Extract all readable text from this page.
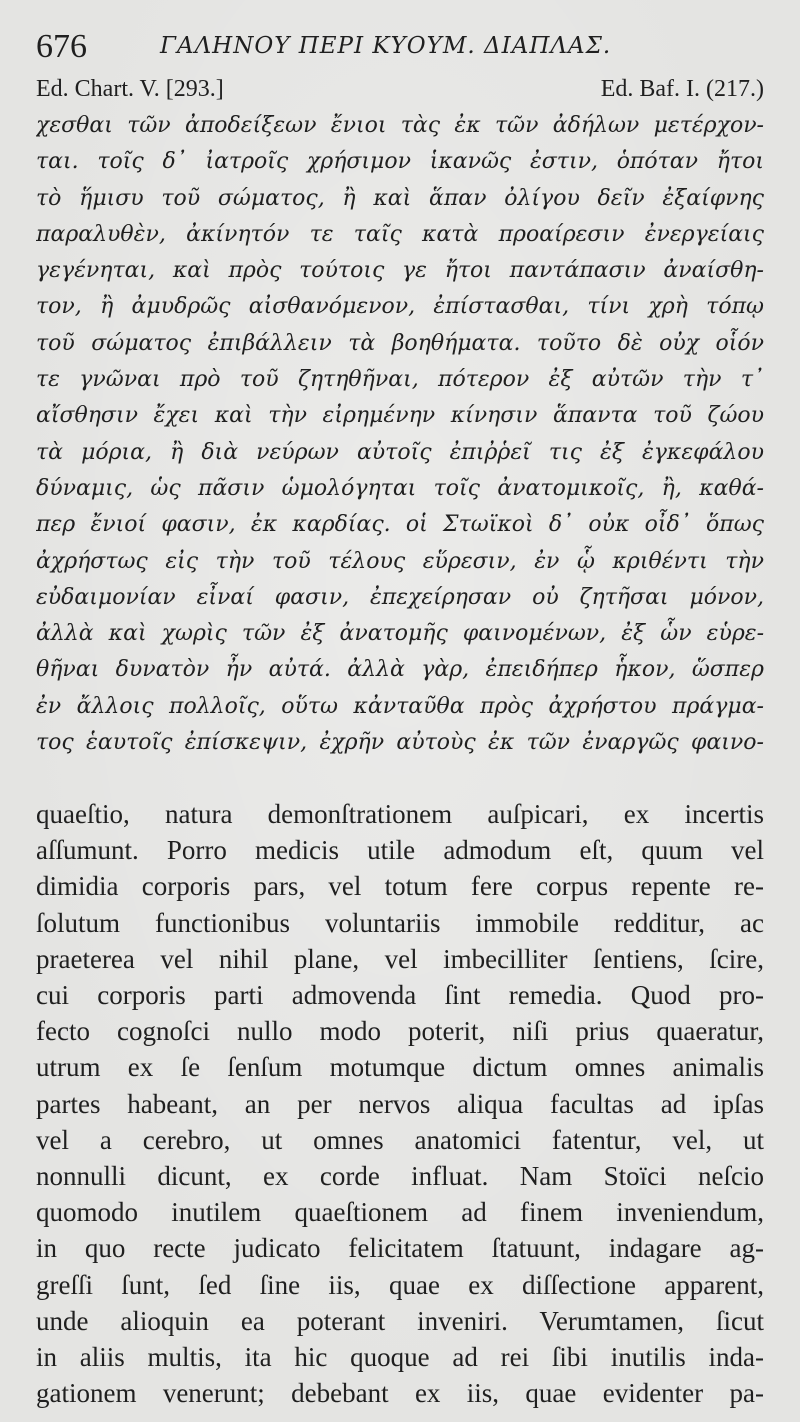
676	ΓΑΛΗΝΟΥ ΠΕΡΙ ΚΥΟΥΜ. ΔΙΑΠΛΑΣ.
Ed. Chart. V. [293.]	Ed. Baf. I. (217.)
χεσθαι τῶν ἀποδείξεων ἔνιοι τὰς ἐκ τῶν ἀδήλων μετέρχον-
ται. τοῖς δ᾽ ἰατροῖς χρήσιμον ἱκανῶς ἐστιν, ὁπόταν ἤτοι
τὸ ἥμισυ τοῦ σώματος, ἢ καὶ ἅπαν ὀλίγου δεῖν ἐξαίφνης
παραλυθὲν, ἀκίνητόν τε ταῖς κατὰ προαίρεσιν ἐνεργείαις
γεγένηται, καὶ πρὸς τούτοις γε ἤτοι παντάπασιν ἀναίσθη-
τον, ἢ ἀμυδρῶς αἰσθανόμενον, ἐπίστασθαι, τίνι χρὴ τόπῳ
τοῦ σώματος ἐπιβάλλειν τὰ βοηθήματα. τοῦτο δὲ οὐχ οἷόν
τε γνῶναι πρὸ τοῦ ζητηθῆναι, πότερον ἐξ αὐτῶν τὴν τ᾽
αἴσθησιν ἔχει καὶ τὴν εἰρημένην κίνησιν ἅπαντα τοῦ ζώου
τὰ μόρια, ἢ διὰ νεύρων αὐτοῖς ἐπιῤῥεῖ τις ἐξ ἐγκεφάλου
δύναμις, ὡς πᾶσιν ὡμολόγηται τοῖς ἀνατομικοῖς, ἢ, καθά-
περ ἔνιοί φασιν, ἐκ καρδίας. οἱ Στωϊκοὶ δ᾽ οὐκ οἶδ᾽ ὅπως
ἀχρήστως εἰς τὴν τοῦ τέλους εὕρεσιν, ἐν ᾧ κριθέντι τὴν
εὐδαιμονίαν εἶναί φασιν, ἐπεχείρησαν οὐ ζητῆσαι μόνον,
ἀλλὰ καὶ χωρὶς τῶν ἐξ ἀνατομῆς φαινομένων, ἐξ ὧν εὑρε-
θῆναι δυνατὸν ἦν αὐτά. ἀλλὰ γὰρ, ἐπειδήπερ ἧκον, ὥσπερ
ἐν ἄλλοις πολλοῖς, οὕτω κἀνταῦθα πρὸς ἀχρήστου πράγμα-
τος ἑαυτοῖς ἐπίσκεψιν, ἐχρῆν αὐτοὺς ἐκ τῶν ἐναργῶς φαινο-
quaeſtio, natura demonſtrationem auſpicari, ex incertis
aſſumunt. Porro medicis utile admodum eſt, quum vel
dimidia corporis pars, vel totum fere corpus repente re-
ſolutum functionibus voluntariis immobile redditur, ac
praeterea vel nihil plane, vel imbecilliter ſentiens, ſcire,
cui corporis parti admovenda ſint remedia. Quod pro-
fecto cognoſci nullo modo poterit, niſi prius quaeratur,
utrum ex ſe ſenſum motumque dictum omnes animalis
partes habeant, an per nervos aliqua facultas ad ipſas
vel a cerebro, ut omnes anatomici fatentur, vel, ut
nonnulli dicunt, ex corde influat. Nam Stoïci neſcio
quomodo inutilem quaeſtionem ad finem inveniendum,
in quo recte judicato felicitatem ſtatuunt, indagare ag-
greſſi ſunt, ſed ſine iis, quae ex diſſectione apparent,
unde alioquin ea poterant inveniri. Verumtamen, ſicut
in aliis multis, ita hic quoque ad rei ſibi inutilis inda-
gationem venerunt; debebant ex iis, quae evidenter pa-
